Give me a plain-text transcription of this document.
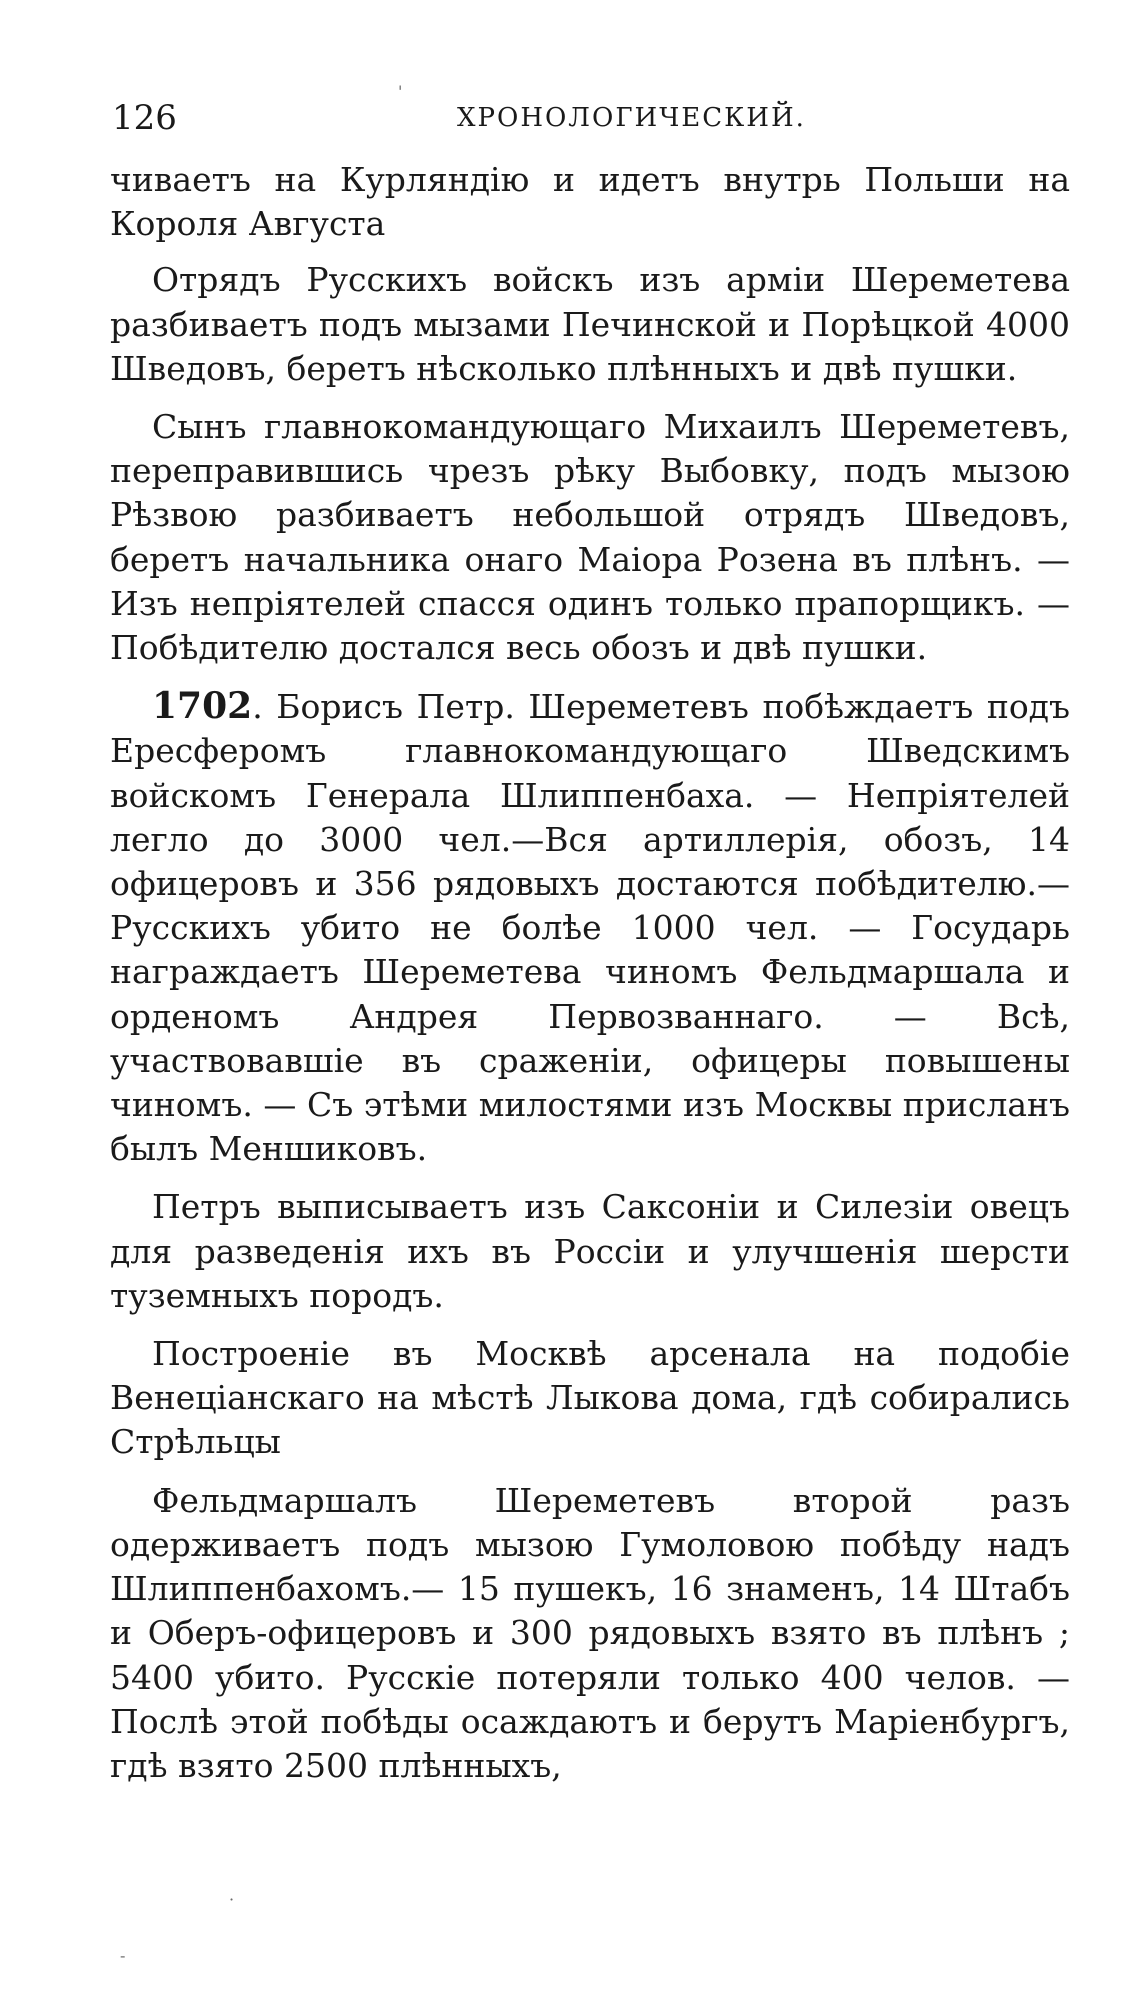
126	ХРОНОЛОГИЧЕСКИЙ.
'

чиваетъ на Курляндію и идетъ внутрь Польши на Короля Августа

Отрядъ Русскихъ войскъ изъ арміи Шереметева разбиваетъ подъ мызами Печинской и Порѣцкой 4000 Шведовъ, беретъ нѣсколько плѣнныхъ и двѣ пушки.

Сынъ главнокомандующаго Михаилъ Шереметевъ, переправившись чрезъ рѣку Выбовку, подъ мызою Рѣзвою разбиваетъ небольшой отрядъ Шведовъ, беретъ начальника онаго Маіора Розена въ плѣнъ. — Изъ непріятелей спасся одинъ только прапорщикъ. — Побѣдителю достался весь обозъ и двѣ пушки.

1702. Борисъ Петр. Шереметевъ побѣждаетъ подъ Ересферомъ главнокомандующаго Шведскимъ войскомъ Генерала Шлиппенбаха. — Непріятелей легло до 3000 чел.—Вся артиллерія, обозъ, 14 офицеровъ и 356 рядовыхъ достаются побѣдителю.—Русскихъ убито не болѣе 1000 чел. — Государь награждаетъ Шереметева чиномъ Фельдмаршала и орденомъ Андрея Первозваннаго. — Всѣ, участвовавшіе въ сраженіи, офицеры повышены чиномъ. — Съ этѣми милостями изъ Москвы присланъ былъ Меншиковъ.

Петръ выписываетъ изъ Саксоніи и Силезіи овецъ для разведенія ихъ въ Россіи и улучшенія шерсти туземныхъ породъ.

Построеніе въ Москвѣ арсенала на подобіе Венеціанскаго на мѣстѣ Лыкова дома, гдѣ собирались Стрѣльцы

Фельдмаршалъ Шереметевъ второй разъ одерживаетъ подъ мызою Гумоловою побѣду надъ Шлиппенбахомъ.— 15 пушекъ, 16 знаменъ, 14 Штабъ и Оберъ-офицеровъ и 300 рядовыхъ взято въ плѣнъ ; 5400 убито. Русскіе потеряли только 400 челов. — Послѣ этой побѣды осаждаютъ и берутъ Маріенбургъ, гдѣ взято 2500 плѣнныхъ,

·
-
